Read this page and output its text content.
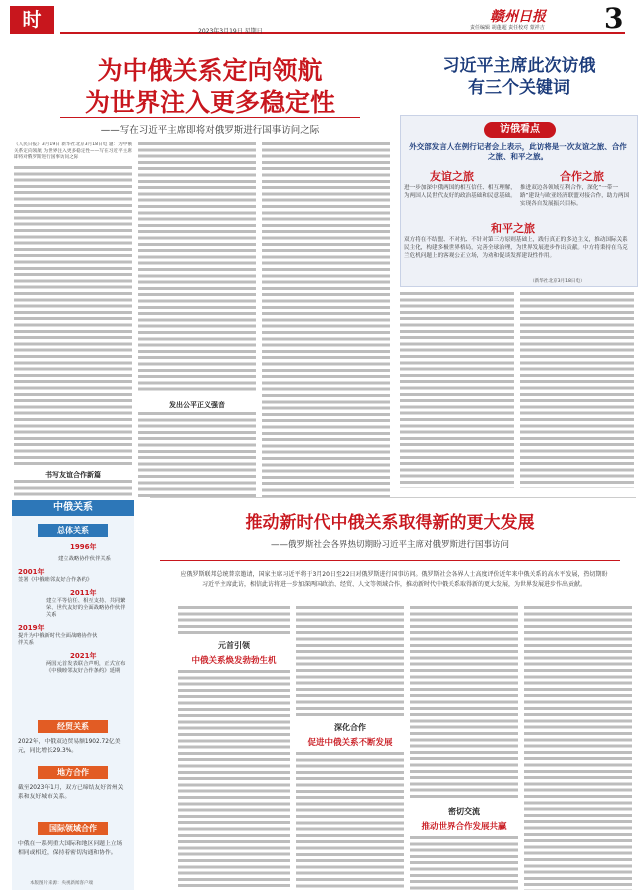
时 事
2023年3月19日 星期日	责任编辑 胡蓬超 责任校对 蒙祥吉
赣州日报 3
为中俄关系定向领航
为世界注入更多稳定性
——写在习近平主席即将对俄罗斯进行国事访问之际
《人民日报》3月19日 新华社北京3月18日电 题：为中俄关系定向领航 为世界注入更多稳定性——写在习近平主席即将对俄罗斯进行国事访问之际
书写友谊合作新篇
发出公平正义强音
习近平主席此次访俄
有三个关键词
访俄看点
外交部发言人在例行记者会上表示，此访将是一次友谊之旅、合作之旅、和平之旅。
友谊之旅
进一步加深中俄两国的相互信任、相互理解，为两国人民世代友好的政治基础和民意基础。
合作之旅
推进双边各领域互利合作，深化“一带一路”建设与欧亚经济联盟对接合作，助力两国实现各自发展振兴目标。
和平之旅
双方将在不结盟、不对抗、不针对第三方原则基础上，践行真正的多边主义，推动国际关系民主化，构建多极世界格局，完善全球治理，为世界发展进步作出贡献。中方将秉持在乌克兰危机问题上的客观公正立场，为劝和促谈发挥建设性作用。
（新华社北京3月18日电）
中俄关系
总体关系
1996年
建立战略协作伙伴关系
2001年
签署《中俄睦邻友好合作条约》
2011年
建立平等信任、相互支持、共同繁荣、世代友好的全面战略协作伙伴关系
2019年
提升为中俄新时代全面战略协作伙伴关系
2021年
两国元首发表联合声明，正式宣布《中俄睦邻友好合作条约》延期
经贸关系
2022年，中俄双边贸易额1902.72亿美元，同比增长29.3%。
地方合作
截至2023年1月，双方已缔结友好省州关系和友好城市关系。
国际领域合作
中俄在一系列重大国际和地区问题上立场相同或相近，保持着密切沟通和协作。
本版图片来源：央视新闻客户端
推动新时代中俄关系取得新的更大发展
——俄罗斯社会各界热切期盼习近平主席对俄罗斯进行国事访问
应俄罗斯联邦总统普京邀请，国家主席习近平将于3月20日至22日对俄罗斯进行国事访问。俄罗斯社会各界人士高度评价近年来中俄关系的高水平发展，热切期盼习近平主席此访，相信此访将进一步加深两国政治、经贸、人文等领域合作，推动新时代中俄关系取得新的更大发展，为世界发展进步作出贡献。
元首引领
中俄关系焕发勃勃生机
深化合作
促进中俄关系不断发展
密切交流
推动世界合作发展共赢
